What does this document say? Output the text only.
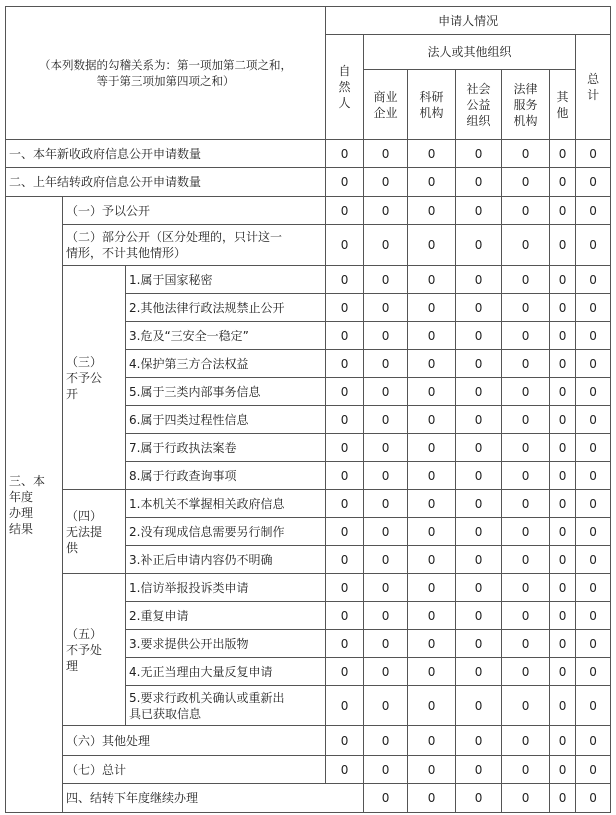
（本列数据的勾稽关系为：第一项加第二项之和，
等于第三项加第四项之和）			申请人情况							

			自
然
人	法人或其他组织					总
计	

				商业
企业	科研
机构	社会
公益
组织	法律
服务
机构	其
他		

一、本年新收政府信息公开申请数量			0	0	0	0	0	0	0	
二、上年结转政府信息公开申请数量			0	0	0	0	0	0	0	

三、本
年度
办理
结果	（一）予以公开		0	0	0	0	0	0	0	

	（二）部分公开（区分处理的，只计这一
情形，不计其他情形）		0	0	0	0	0	0	0	

	（三）
不予公
开	1.属于国家秘密	0	0	0	0	0	0	0	
		2.其他法律行政法规禁止公开	0	0	0	0	0	0	0	
		3.危及“三安全一稳定”	0	0	0	0	0	0	0	
		4.保护第三方合法权益	0	0	0	0	0	0	0	
		5.属于三类内部事务信息	0	0	0	0	0	0	0	
		6.属于四类过程性信息	0	0	0	0	0	0	0	
		7.属于行政执法案卷	0	0	0	0	0	0	0	
		8.属于行政查询事项	0	0	0	0	0	0	0	

	（四）
无法提
供	1.本机关不掌握相关政府信息	0	0	0	0	0	0	0	
		2.没有现成信息需要另行制作	0	0	0	0	0	0	0	
		3.补正后申请内容仍不明确	0	0	0	0	0	0	0	

	（五）
不予处
理	1.信访举报投诉类申请	0	0	0	0	0	0	0	
		2.重复申请	0	0	0	0	0	0	0	
		3.要求提供公开出版物	0	0	0	0	0	0	0	
		4.无正当理由大量反复申请	0	0	0	0	0	0	0	

		5.要求行政机关确认或重新出
具已获取信息	0	0	0	0	0	0	0	
	（六）其他处理		0	0	0	0	0	0	0	
	（七）总计		0	0	0	0	0	0	0	
	四、结转下年度继续办理			0	0	0	0	0	0	
